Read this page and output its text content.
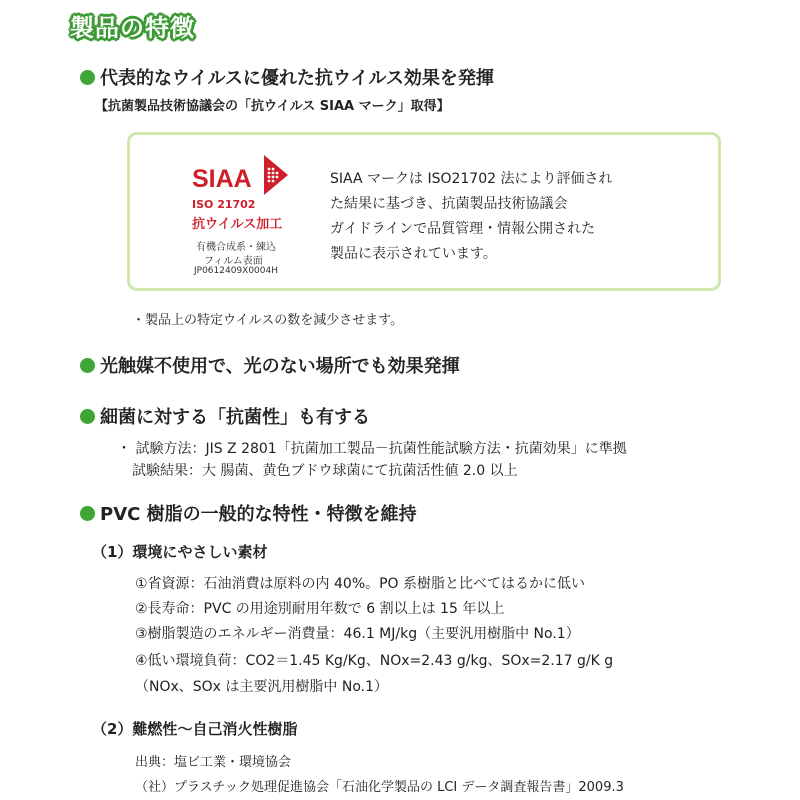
製品の特徴
代表的なウイルスに優れた抗ウイルス効果を発揮
【抗菌製品技術協議会の「抗ウイルス SIAA マーク」取得】
SIAA
ISO 21702
抗ウイルス加工
有機合成系・練込
フィルム表面
JP0612409X0004H
SIAA マークは ISO21702 法により評価され
た結果に基づき、抗菌製品技術協議会
ガイドラインで品質管理・情報公開された
製品に表示されています。
・製品上の特定ウイルスの数を減少させます。
光触媒不使用で、光のない場所でも効果発揮
細菌に対する「抗菌性」も有する
・ 試験方法：JIS Z 2801「抗菌加工製品－抗菌性能試験方法・抗菌効果」に準拠
試験結果：大 腸菌、黄色ブドウ球菌にて抗菌活性値 2.0 以上
PVC 樹脂の一般的な特性・特徴を維持
（1）環境にやさしい素材
①省資源：石油消費は原料の内 40%。PO 系樹脂と比べてはるかに低い
②長寿命：PVC の用途別耐用年数で 6 割以上は 15 年以上
③樹脂製造のエネルギー消費量：46.1 MJ/kg（主要汎用樹脂中 No.1）
④低い環境負荷：CO2＝1.45 Kg/Kg、NOx=2.43 g/kg、SOx=2.17 g/K g
（NOx、SOx は主要汎用樹脂中 No.1）
（2）難燃性～自己消火性樹脂
出典：塩ビ工業・環境協会
（社）プラスチック処理促進協会「石油化学製品の LCI データ調査報告書」2009.3
